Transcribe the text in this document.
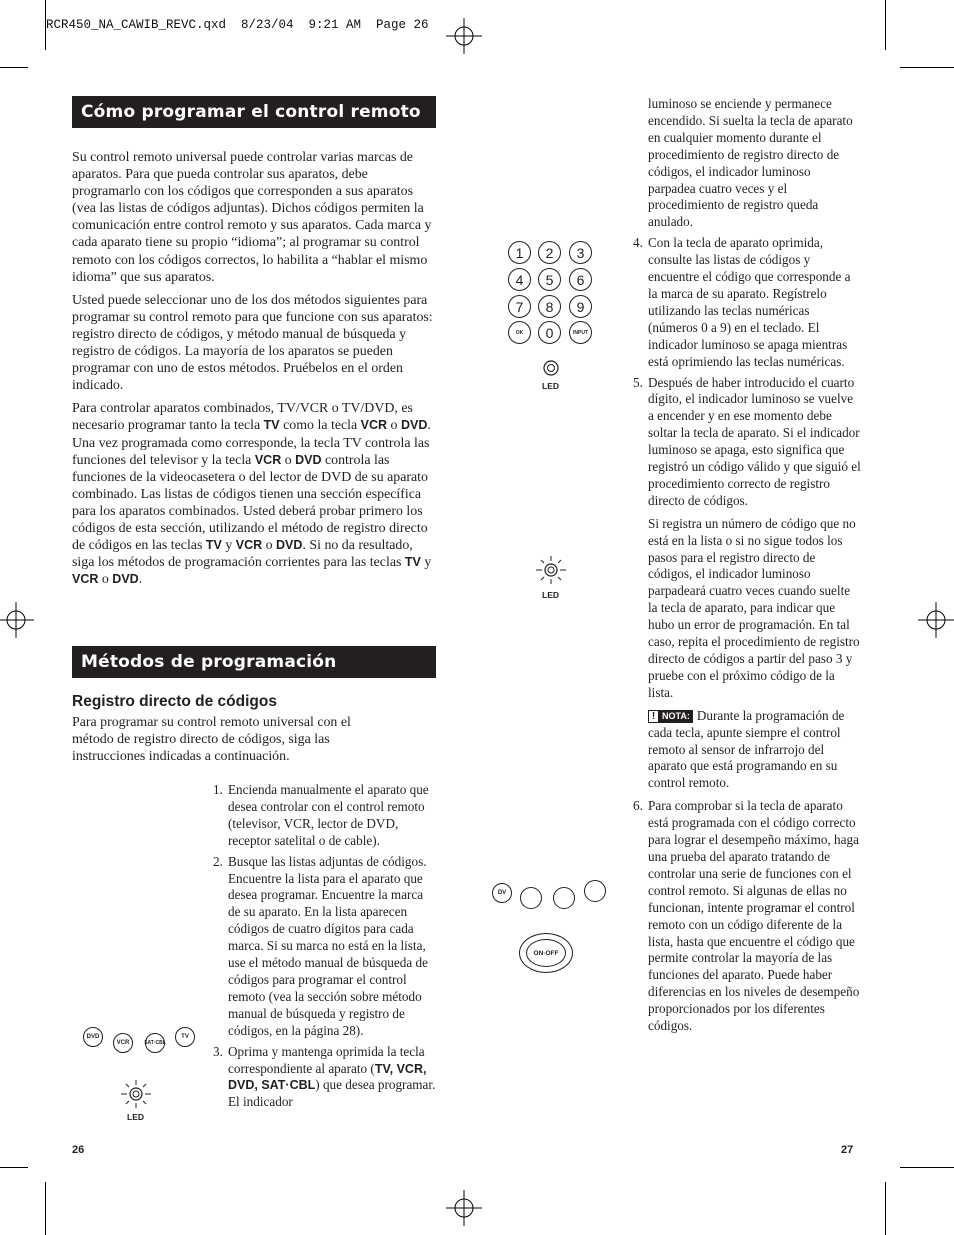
RCR450_NA_CAWIB_REVC.qxd  8/23/04  9:21 AM  Page 26
Cómo programar el control remoto

Su control remoto universal puede controlar varias marcas de aparatos. Para que pueda controlar sus aparatos, debe programarlo con los códigos que corresponden a sus aparatos (vea las listas de códigos adjuntas). Dichos códigos permiten la comunicación entre control remoto y sus aparatos. Cada marca y cada aparato tiene su propio “idioma”; al programar su control remoto con los códigos correctos, lo habilita a “hablar el mismo idioma” que sus aparatos.

Usted puede seleccionar uno de los dos métodos siguientes para programar su control remoto para que funcione con sus aparatos: registro directo de códigos, y método manual de búsqueda y registro de códigos. La mayoría de los aparatos se pueden programar con uno de estos métodos. Pruébelos en el orden indicado.

Para controlar aparatos combinados, TV/VCR o TV/DVD, es necesario programar tanto la tecla TV como la tecla VCR o DVD. Una vez programada como corresponde, la tecla TV controla las funciones del televisor y la tecla VCR o DVD controla las funciones de la videocasetera o del lector de DVD de su aparato combinado. Las listas de códigos tienen una sección específica para los aparatos combinados. Usted deberá probar primero los códigos de esta sección, utilizando el método de registro directo de códigos en las teclas TV y VCR o DVD. Si no da resultado, siga los métodos de programación corrientes para las teclas TV y VCR o DVD.

Métodos de programación
Registro directo de códigos
Para programar su control remoto universal con el método de registro directo de códigos, siga las instrucciones indicadas a continuación.
1. Encienda manualmente el aparato que desea controlar con el control remoto (televisor, VCR, lector de DVD, receptor satelital o de cable).
2. Busque las listas adjuntas de códigos. Encuentre la lista para el aparato que desea programar. Encuentre la marca de su aparato. En la lista aparecen códigos de cuatro dígitos para cada marca. Si su marca no está en la lista, use el método manual de búsqueda de códigos para programar el control remoto (vea la sección sobre método manual de búsqueda y registro de códigos, en la página 28).
3. Oprima y mantenga oprimida la tecla correspondiente al aparato (TV, VCR, DVD, SAT·CBL) que desea programar. El indicador
DVD
VCR	SAT·CBL
TV
LED
26
1	2	3
4	5	6
7	8	9
OK	0	INPUT
LED
LED
DV
ON·OFF

luminoso se enciende y permanece encendido. Si suelta la tecla de aparato en cualquier momento durante el procedimiento de registro directo de códigos, el indicador luminoso parpadea cuatro veces y el procedimiento de registro queda anulado.

4. Con la tecla de aparato oprimida, consulte las listas de códigos y encuentre el código que corresponde a la marca de su aparato. Regístrelo utilizando las teclas numéricas (números 0 a 9) en el teclado. El indicador luminoso se apaga mientras está oprimiendo las teclas numéricas.
5. Después de haber introducido el cuarto dígito, el indicador luminoso se vuelve a encender y en ese momento debe soltar la tecla de aparato. Si el indicador luminoso se apaga, esto significa que registró un código válido y que siguió el procedimiento correcto de registro directo de códigos.

Si registra un número de código que no está en la lista o si no sigue todos los pasos para el registro directo de códigos, el indicador luminoso parpadeará cuatro veces cuando suelte la tecla de aparato, para indicar que hubo un error de programación. En tal caso, repita el procedimiento de registro directo de códigos a partir del paso 3 y pruebe con el próximo código de la lista.

! NOTA: Durante la programación de cada tecla, apunte siempre el control remoto al sensor de infrarrojo del aparato que está programando en su control remoto.

6. Para comprobar si la tecla de aparato está programada con el código correcto para lograr el desempeño máximo, haga una prueba del aparato tratando de controlar una serie de funciones con el control remoto. Si algunas de ellas no funcionan, intente programar el control remoto con un código diferente de la lista, hasta que encuentre el código que permite controlar la mayoría de las funciones del aparato. Puede haber diferencias en los niveles de desempeño proporcionados por los diferentes códigos.
27
